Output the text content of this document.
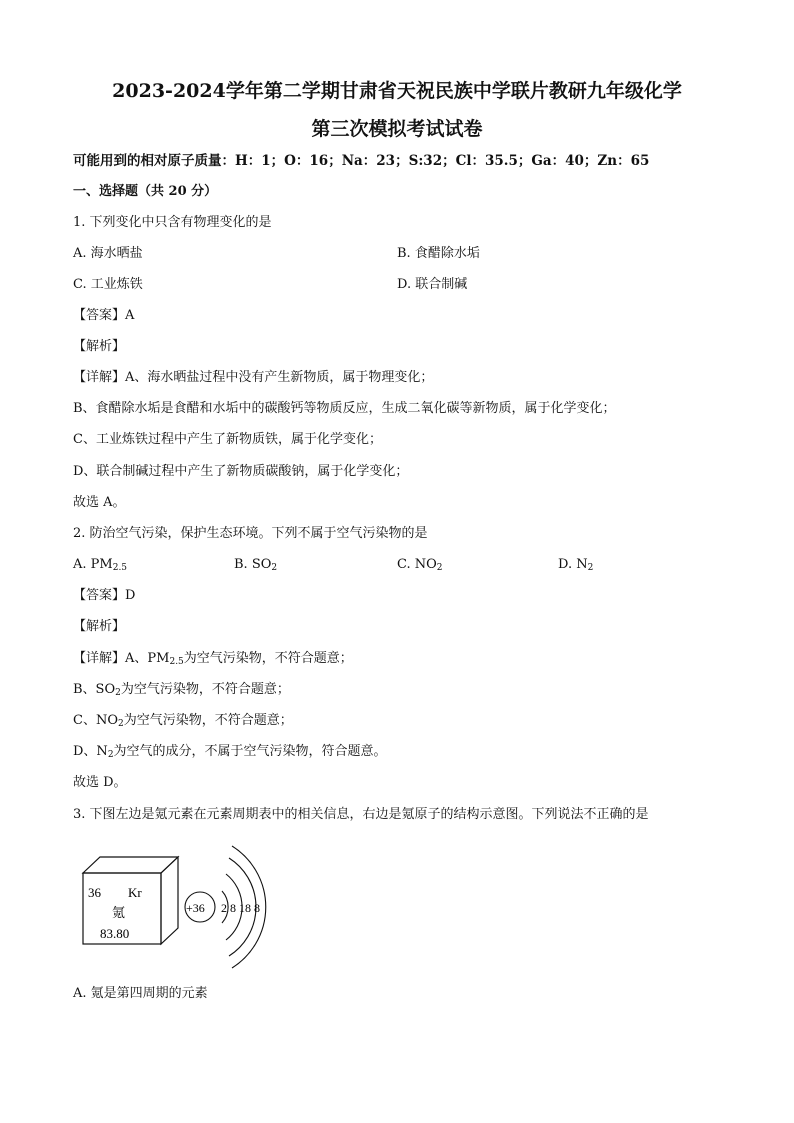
2023-2024学年第二学期甘肃省天祝民族中学联片教研九年级化学
第三次模拟考试试卷
可能用到的相对原子质量：H：1；O：16；Na：23；S:32；Cl：35.5；Ga：40；Zn：65
一、选择题（共 20 分）
1. 下列变化中只含有物理变化的是
A. 海水晒盐	B. 食醋除水垢
C. 工业炼铁	D. 联合制碱
【答案】A
【解析】
【详解】A、海水晒盐过程中没有产生新物质，属于物理变化；
B、食醋除水垢是食醋和水垢中的碳酸钙等物质反应，生成二氧化碳等新物质，属于化学变化；
C、工业炼铁过程中产生了新物质铁，属于化学变化；
D、联合制碱过程中产生了新物质碳酸钠，属于化学变化；
故选 A。
2. 防治空气污染，保护生态环境。下列不属于空气污染物的是
A. $PM_{2.5}$	B. $SO_2$	C. $NO_2$	D. $N_2$
【答案】D
【解析】
【详解】A、$PM_{2.5}$为空气污染物，不符合题意；
B、$SO_2$为空气污染物，不符合题意；
C、$NO_2$为空气污染物，不符合题意；
D、$N_2$为空气的成分，不属于空气污染物，符合题意。
故选 D。
3. 下图左边是氪元素在元素周期表中的相关信息，右边是氪原子的结构示意图。下列说法不正确的是
36 Kr
氪
83.80
+36 2 8 18 8
A. 氪是第四周期的元素
